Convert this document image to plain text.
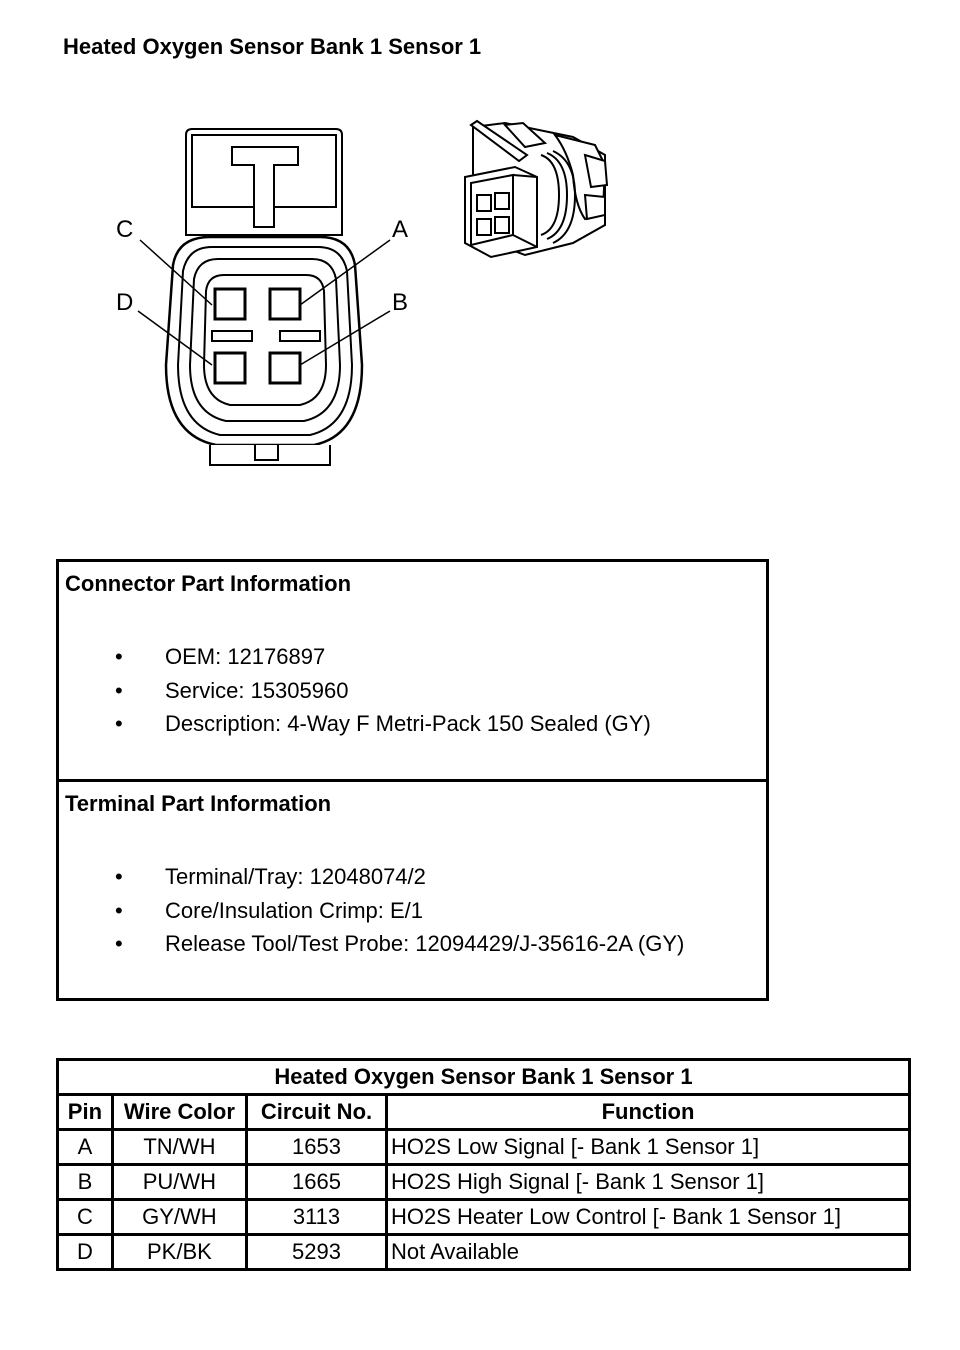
Heated Oxygen Sensor Bank 1 Sensor 1
C	A
D	B
Connector Part Information
• OEM: 12176897
• Service: 15305960
• Description: 4-Way F Metri-Pack 150 Sealed (GY)
Terminal Part Information
• Terminal/Tray: 12048074/2
• Core/Insulation Crimp: E/1
• Release Tool/Test Probe: 12094429/J-35616-2A (GY)
Heated Oxygen Sensor Bank 1 Sensor 1			
Pin	Wire Color	Circuit No.	Function
A	TN/WH	1653	HO2S Low Signal [- Bank 1 Sensor 1]
B	PU/WH	1665	HO2S High Signal [- Bank 1 Sensor 1]
C	GY/WH	3113	HO2S Heater Low Control [- Bank 1 Sensor 1]
D	PK/BK	5293	Not Available
